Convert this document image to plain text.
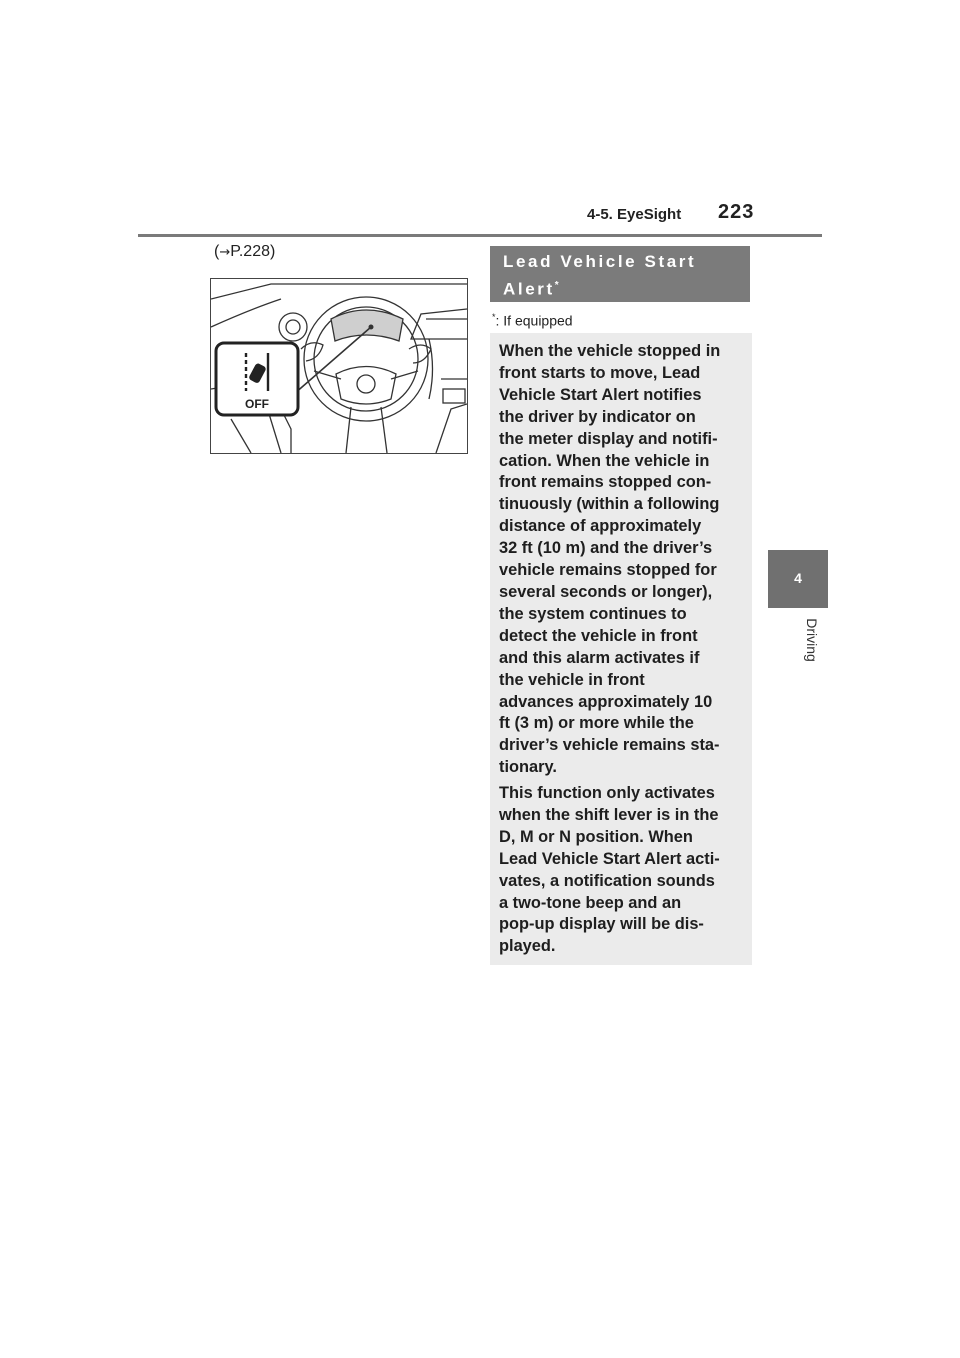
4-5. EyeSight 223
4
Driving
(→P.228)
OFF
Lead Vehicle Start Alert*
*: If equipped
When the vehicle stopped in
front starts to move, Lead
Vehicle Start Alert notifies
the driver by indicator on
the meter display and notifi-
cation. When the vehicle in
front remains stopped con-
tinuously (within a following
distance of approximately
32 ft (10 m) and the driver’s
vehicle remains stopped for
several seconds or longer),
the system continues to
detect the vehicle in front
and this alarm activates if
the vehicle in front
advances approximately 10
ft (3 m) or more while the
driver’s vehicle remains sta-
tionary.
This function only activates
when the shift lever is in the
D, M or N position. When
Lead Vehicle Start Alert acti-
vates, a notification sounds
a two-tone beep and an
pop-up display will be dis-
played.
